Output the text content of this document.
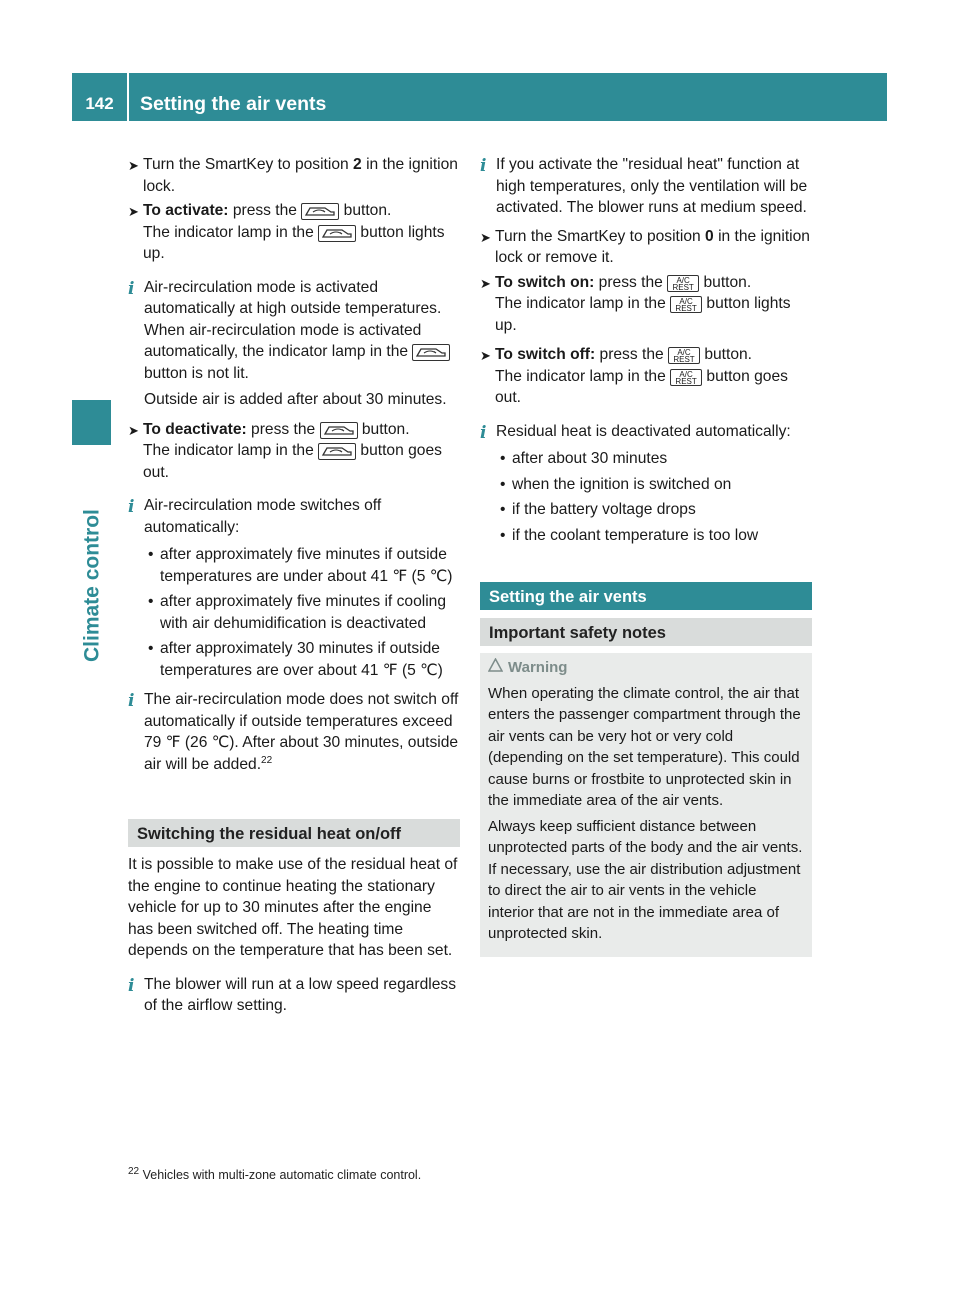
142	Setting the air vents
Climate control
➤ Turn the SmartKey to position 2 in the ignition lock.
➤ To activate: press the  button.
The indicator lamp in the  button lights up.
i Air-recirculation mode is activated automatically at high outside temperatures. When air-recirculation mode is activated automatically, the indicator lamp in the  button is not lit.

Outside air is added after about 30 minutes.

➤ To deactivate: press the  button.
The indicator lamp in the  button goes out.
i Air-recirculation mode switches off automatically:

• after approximately five minutes if outside temperatures are under about 41 ℉ (5 ℃)
• after approximately five minutes if cooling with air dehumidification is deactivated
• after approximately 30 minutes if outside temperatures are over about 41 ℉ (5 ℃)
i The air-recirculation mode does not switch off automatically if outside temperatures exceed 79 ℉ (26 ℃). After about 30 minutes, outside air will be added.$^{22}$

Switching the residual heat on/off

It is possible to make use of the residual heat of the engine to continue heating the stationary vehicle for up to 30 minutes after the engine has been switched off. The heating time depends on the temperature that has been set.

i The blower will run at a low speed regardless of the airflow setting.

i If you activate the "residual heat" function at high temperatures, only the ventilation will be activated. The blower runs at medium speed.

➤ Turn the SmartKey to position 0 in the ignition lock or remove it.
➤ To switch on: press the A/C
REST button.
The indicator lamp in the A/C
REST button lights up.
➤ To switch off: press the A/C
REST button.
The indicator lamp in the A/C
REST button goes out.
i Residual heat is deactivated automatically:

• after about 30 minutes
• when the ignition is switched on
• if the battery voltage drops
• if the coolant temperature is too low
Setting the air vents
Important safety notes
Warning

When operating the climate control, the air that enters the passenger compartment through the air vents can be very hot or very cold (depending on the set temperature). This could cause burns or frostbite to unprotected skin in the immediate area of the air vents.

Always keep sufficient distance between unprotected parts of the body and the air vents. If necessary, use the air distribution adjustment to direct the air to air vents in the vehicle interior that are not in the immediate area of unprotected skin.

$^{22}$ Vehicles with multi-zone automatic climate control.
